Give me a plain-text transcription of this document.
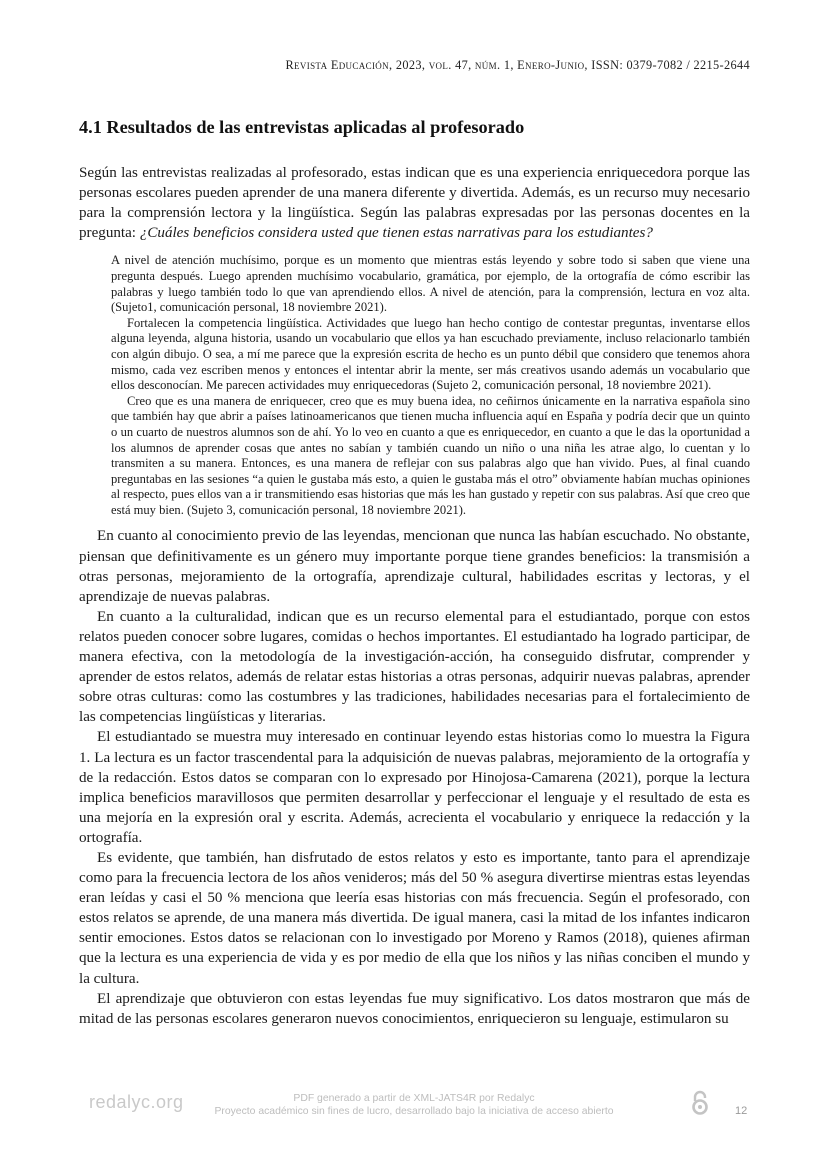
Revista Educación, 2023, vol. 47, núm. 1, Enero-Junio, ISSN: 0379-7082 / 2215-2644
4.1 Resultados de las entrevistas aplicadas al profesorado

Según las entrevistas realizadas al profesorado, estas indican que es una experiencia enriquecedora porque las personas escolares pueden aprender de una manera diferente y divertida. Además, es un recurso muy necesario para la comprensión lectora y la lingüística. Según las palabras expresadas por las personas docentes en la pregunta: ¿Cuáles beneficios considera usted que tienen estas narrativas para los estudiantes?

A nivel de atención muchísimo, porque es un momento que mientras estás leyendo y sobre todo si saben que viene una pregunta después. Luego aprenden muchísimo vocabulario, gramática, por ejemplo, de la ortografía de cómo escribir las palabras y luego también todo lo que van aprendiendo ellos. A nivel de atención, para la comprensión, lectura en voz alta. (Sujeto1, comunicación personal, 18 noviembre 2021).

Fortalecen la competencia lingüística. Actividades que luego han hecho contigo de contestar preguntas, inventarse ellos alguna leyenda, alguna historia, usando un vocabulario que ellos ya han escuchado previamente, incluso relacionarlo también con algún dibujo. O sea, a mí me parece que la expresión escrita de hecho es un punto débil que considero que tenemos ahora mismo, cada vez escriben menos y entonces el intentar abrir la mente, ser más creativos usando además un vocabulario que ellos desconocían. Me parecen actividades muy enriquecedoras (Sujeto 2, comunicación personal, 18 noviembre 2021).

Creo que es una manera de enriquecer, creo que es muy buena idea, no ceñirnos únicamente en la narrativa española sino que también hay que abrir a países latinoamericanos que tienen mucha influencia aquí en España y podría decir que un quinto o un cuarto de nuestros alumnos son de ahí. Yo lo veo en cuanto a que es enriquecedor, en cuanto a que le das la oportunidad a los alumnos de aprender cosas que antes no sabían y también cuando un niño o una niña les atrae algo, lo cuentan y lo transmiten a su manera. Entonces, es una manera de reflejar con sus palabras algo que han vivido. Pues, al final cuando preguntabas en las sesiones “a quien le gustaba más esto, a quien le gustaba más el otro” obviamente habían muchas opiniones al respecto, pues ellos van a ir transmitiendo esas historias que más les han gustado y repetir con sus palabras. Así que creo que está muy bien. (Sujeto 3, comunicación personal, 18 noviembre 2021).

En cuanto al conocimiento previo de las leyendas, mencionan que nunca las habían escuchado. No obstante, piensan que definitivamente es un género muy importante porque tiene grandes beneficios: la transmisión a otras personas, mejoramiento de la ortografía, aprendizaje cultural, habilidades escritas y lectoras, y el aprendizaje de nuevas palabras.

En cuanto a la culturalidad, indican que es un recurso elemental para el estudiantado, porque con estos relatos pueden conocer sobre lugares, comidas o hechos importantes. El estudiantado ha logrado participar, de manera efectiva, con la metodología de la investigación-acción, ha conseguido disfrutar, comprender y aprender de estos relatos, además de relatar estas historias a otras personas, adquirir nuevas palabras, aprender sobre otras culturas: como las costumbres y las tradiciones, habilidades necesarias para el fortalecimiento de las competencias lingüísticas y literarias.

El estudiantado se muestra muy interesado en continuar leyendo estas historias como lo muestra la Figura 1. La lectura es un factor trascendental para la adquisición de nuevas palabras, mejoramiento de la ortografía y de la redacción. Estos datos se comparan con lo expresado por Hinojosa-Camarena (2021), porque la lectura implica beneficios maravillosos que permiten desarrollar y perfeccionar el lenguaje y el resultado de esta es una mejoría en la expresión oral y escrita. Además, acrecienta el vocabulario y enriquece la redacción y la ortografía.

Es evidente, que también, han disfrutado de estos relatos y esto es importante, tanto para el aprendizaje como para la frecuencia lectora de los años venideros; más del 50 % asegura divertirse mientras estas leyendas eran leídas y casi el 50 % menciona que leería esas historias con más frecuencia. Según el profesorado, con estos relatos se aprende, de una manera más divertida. De igual manera, casi la mitad de los infantes indicaron sentir emociones. Estos datos se relacionan con lo investigado por Moreno y Ramos (2018), quienes afirman que la lectura es una experiencia de vida y es por medio de ella que los niños y las niñas conciben el mundo y la cultura.

El aprendizaje que obtuvieron con estas leyendas fue muy significativo. Los datos mostraron que más de mitad de las personas escolares generaron nuevos conocimientos, enriquecieron su lenguaje, estimularon su

redalyc.org	PDF generado a partir de XML-JATS4R por Redalyc
Proyecto académico sin fines de lucro, desarrollado bajo la iniciativa de acceso abierto	12
